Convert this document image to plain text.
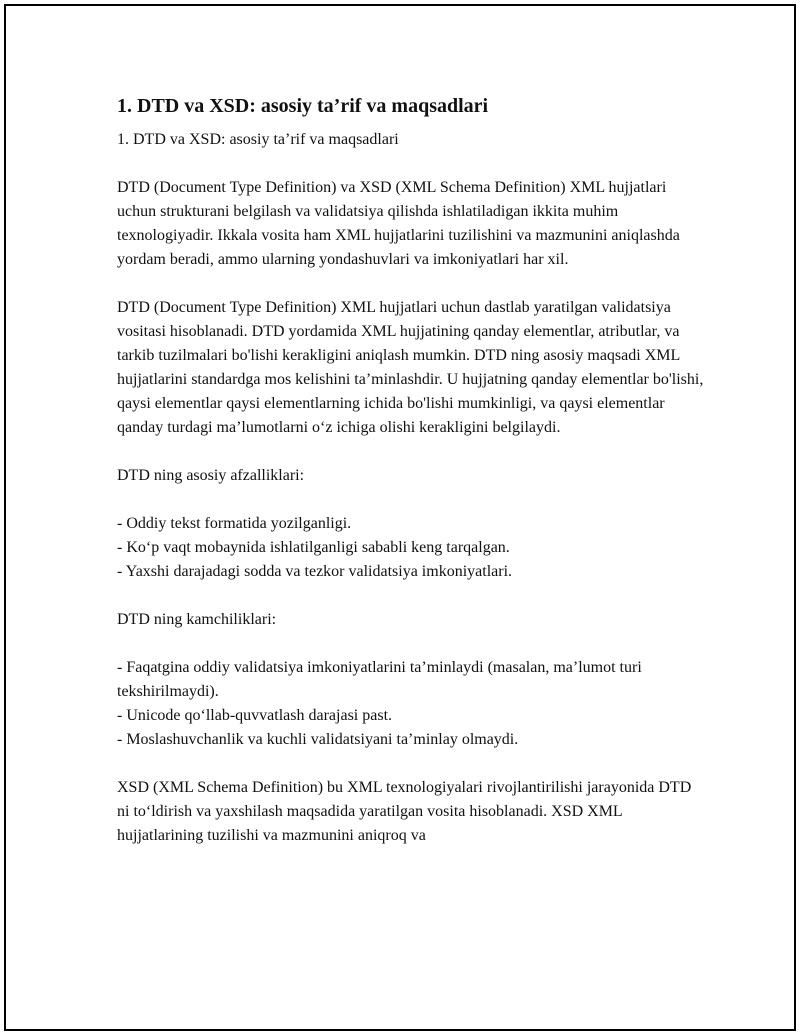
1. DTD va XSD: asosiy ta’rif va maqsadlari

1. DTD va XSD: asosiy ta’rif va maqsadlari

DTD (Document Type Definition) va XSD (XML Schema Definition) XML hujjatlari uchun strukturani belgilash va validatsiya qilishda ishlatiladigan ikkita muhim texnologiyadir. Ikkala vosita ham XML hujjatlarini tuzilishini va mazmunini aniqlashda yordam beradi, ammo ularning yondashuvlari va imkoniyatlari har xil.

DTD (Document Type Definition) XML hujjatlari uchun dastlab yaratilgan validatsiya vositasi hisoblanadi. DTD yordamida XML hujjatining qanday elementlar, atributlar, va tarkib tuzilmalari bo'lishi kerakligini aniqlash mumkin. DTD ning asosiy maqsadi XML hujjatlarini standardga mos kelishini ta’minlashdir. U hujjatning qanday elementlar bo'lishi, qaysi elementlar qaysi elementlarning ichida bo'lishi mumkinligi, va qaysi elementlar qanday turdagi ma’lumotlarni o‘z ichiga olishi kerakligini belgilaydi.

DTD ning asosiy afzalliklari:

- Oddiy tekst formatida yozilganligi.
- Ko‘p vaqt mobaynida ishlatilganligi sababli keng tarqalgan.
- Yaxshi darajadagi sodda va tezkor validatsiya imkoniyatlari.

DTD ning kamchiliklari:

- Faqatgina oddiy validatsiya imkoniyatlarini ta’minlaydi (masalan, ma’lumot turi tekshirilmaydi).
- Unicode qo‘llab-quvvatlash darajasi past.
- Moslashuvchanlik va kuchli validatsiyani ta’minlay olmaydi.

XSD (XML Schema Definition) bu XML texnologiyalari rivojlantirilishi jarayonida DTD ni to‘ldirish va yaxshilash maqsadida yaratilgan vosita hisoblanadi. XSD XML hujjatlarining tuzilishi va mazmunini aniqroq va
